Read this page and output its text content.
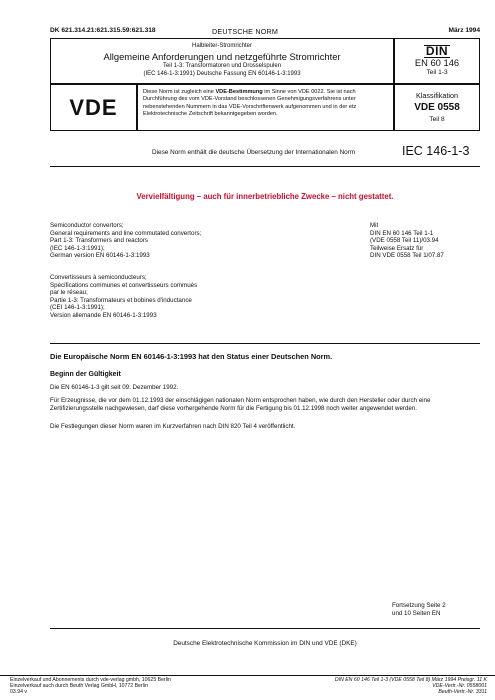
DK 621.314.21:621.315.59:621.318	DEUTSCHE NORM	März 1994
Halbleiter-Stromrichter
Allgemeine Anforderungen und netzgeführte Stromrichter
Teil 1-3: Transformatoren und Drosselspulen
(IEC 146-1-3:1991) Deutsche Fassung EN 60146-1-3:1993
DIN
EN 60 146
Teil 1-3
VDE
Diese Norm ist zugleich eine VDE-Bestimmung im Sinne von VDE 0022. Sie ist nach Durchführung des vom VDE-Vorstand beschlossenen Genehmigungsverfahrens unter nebenstehenden Nummern in das VDE-Vorschriftenwerk aufgenommen und in der etz Elektrotechnische Zeitschrift bekanntgegeben worden.
Klassifikation
VDE 0558
Teil 8
Diese Norm enthält die deutsche Übersetzung der Internationalen Norm	IEC 146-1-3
Vervielfältigung – auch für innerbetriebliche Zwecke – nicht gestattet.
Semiconductor convertors;
General requirements and line commutated convertors;
Part 1-3: Transformers and reactors
(IEC 146-1-3:1991);
German version EN 60146-1-3:1993
Mit
DIN EN 60 146 Teil 1-1
(VDE 0558 Teil 11)/03.94
Teilweise Ersatz für
DIN VDE 0558 Teil 1/07.87
Convertisseurs à semiconducteurs;
Spécifications communes et convertisseurs commués
par le réseau;
Partie 1-3: Transformateurs et bobines d'inductance
(CEI 146-1-3:1991);
Version allemande EN 60146-1-3:1993
Die Europäische Norm EN 60146-1-3:1993 hat den Status einer Deutschen Norm.
Beginn der Gültigkeit
Die EN 60146-1-3 gilt seit 09. Dezember 1992.
Für Erzeugnisse, die vor dem 01.12.1993 der einschlägigen nationalen Norm entsprochen haben, wie durch den Hersteller oder durch eine Zertifizierungsstelle nachgewiesen, darf diese vorhergehende Norm für die Fertigung bis 01.12.1998 noch weiter angewendet werden.
Die Festlegungen dieser Norm waren im Kurzverfahren nach DIN 820 Teil 4 veröffentlicht.
Fortsetzung Seite 2
und 10 Seiten EN
Deutsche Elektrotechnische Kommission im DIN und VDE (DKE)
Einzelverkauf und Abonnements durch vde-verlag gmbh, 10625 Berlin
Einzelverkauf auch durch Beuth Verlag GmbH, 10772 Berlin
03.94 v
DIN EN 60 146 Teil 1-3 (VDE 0558 Teil 8) März 1994 Preisgr. 11 K
VDE-Vertr.-Nr. 0558001
Beuth-Vertr.-Nr. 3311
